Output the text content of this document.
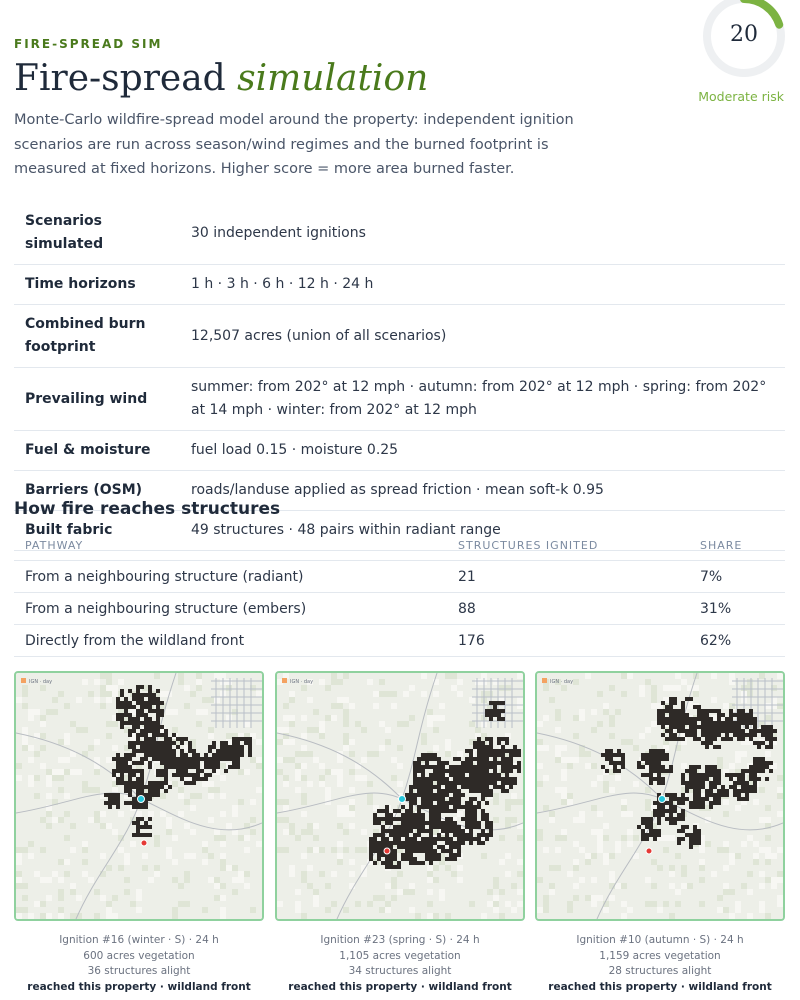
FIRE-SPREAD SIM
Fire-spread simulation

Monte-Carlo wildfire-spread model around the property: independent ignition scenarios are run across season/wind regimes and the burned footprint is measured at fixed horizons. Higher score = more area burned faster.

20
Moderate risk
Scenarios simulated	30 independent ignitions
Time horizons	1 h · 3 h · 6 h · 12 h · 24 h
Combined burn footprint	12,507 acres (union of all scenarios)
Prevailing wind	summer: from 202° at 12 mph · autumn: from 202° at 12 mph · spring: from 202° at 14 mph · winter: from 202° at 12 mph
Fuel & moisture	fuel load 0.15 · moisture 0.25
Barriers (OSM)	roads/landuse applied as spread friction · mean soft-k 0.95
Built fabric	49 structures · 48 pairs within radiant range
How fire reaches structures
PATHWAY	STRUCTURES IGNITED	SHARE
From a neighbouring structure (radiant)	21	7%
From a neighbouring structure (embers)	88	31%
Directly from the wildland front	176	62%
IGN · day
Ignition #16 (winter · S) · 24 h
600 acres vegetation
36 structures alight
reached this property · wildland front
IGN · day
Ignition #23 (spring · S) · 24 h
1,105 acres vegetation
34 structures alight
reached this property · wildland front
IGN · day
Ignition #10 (autumn · S) · 24 h
1,159 acres vegetation
28 structures alight
reached this property · wildland front
